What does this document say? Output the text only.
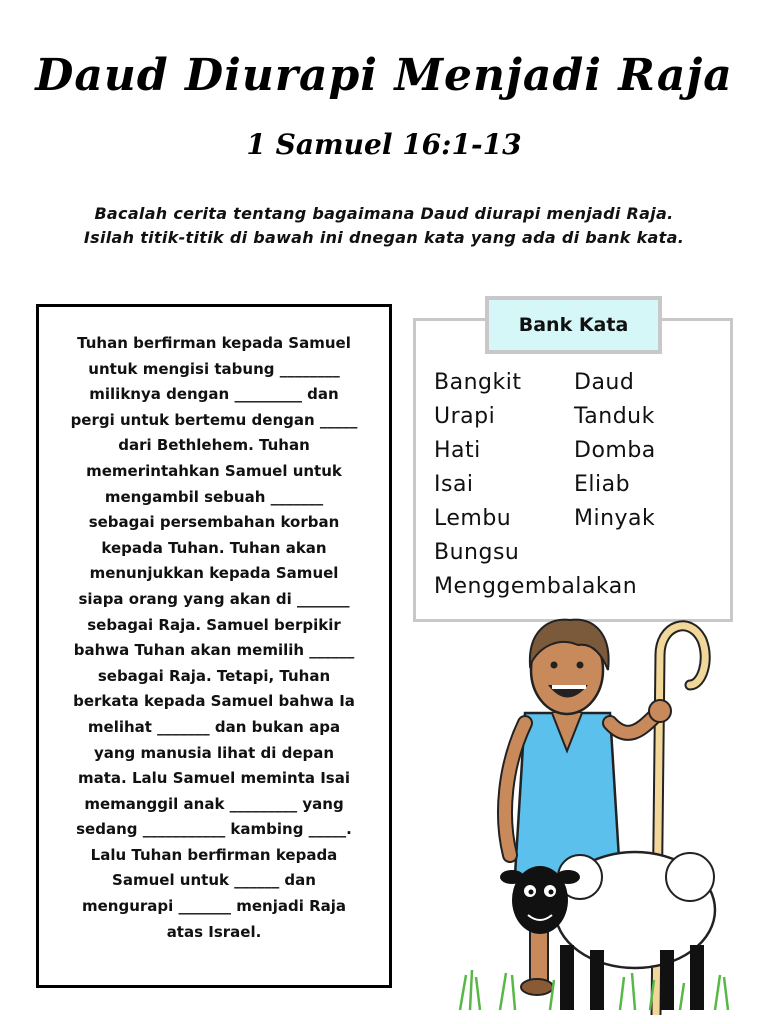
Daud Diurapi Menjadi Raja
1 Samuel 16:1-13
Bacalah cerita tentang bagaimana Daud diurapi menjadi Raja.
Isilah titik-titik di bawah ini dnegan kata yang ada di bank kata.
Tuhan berfirman kepada Samuel
untuk mengisi tabung ________
miliknya dengan _________ dan
pergi untuk bertemu dengan _____
dari Bethlehem. Tuhan
memerintahkan Samuel untuk
mengambil sebuah _______
sebagai persembahan korban
kepada Tuhan. Tuhan akan
menunjukkan kepada Samuel
siapa orang yang akan di _______
sebagai Raja. Samuel berpikir
bahwa Tuhan akan memilih ______
sebagai Raja. Tetapi, Tuhan
berkata kepada Samuel bahwa Ia
melihat _______ dan bukan apa
yang manusia lihat di depan
mata. Lalu Samuel meminta Isai
memanggil anak _________ yang
sedang ___________ kambing _____.
Lalu Tuhan berfirman kepada
Samuel untuk ______ dan
mengurapi _______ menjadi Raja
atas Israel.
Bank Kata
Bangkit Daud
Urapi	Tanduk
Hati	Domba
Isai	Eliab
Lembu	Minyak
Bungsu
Menggembalakan
